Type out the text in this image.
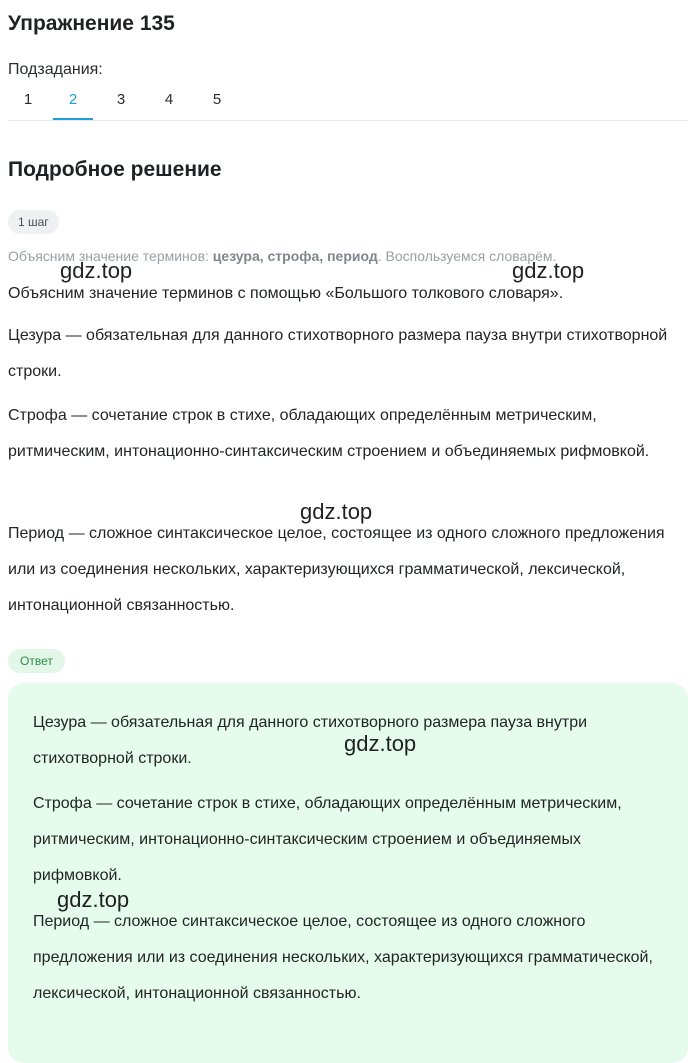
Упражнение 135
Подзадания:
1	2	3	4	5
Подробное решение
1 шаг
Объясним значение терминов: цезура, строфа, период. Воспользуемся словарём.

Объясним значение терминов с помощью «Большого толкового словаря».

Цезура — обязательная для данного стихотворного размера пауза внутри стихотворной строки.

Строфа — сочетание строк в стихе, обладающих определённым метрическим, ритмическим, интонационно-синтаксическим строением и объединяемых рифмовкой.

Период — сложное синтаксическое целое, состоящее из одного сложного предложения или из соединения нескольких, характеризующихся грамматической, лексической, интонационной связанностью.

Ответ

Цезура — обязательная для данного стихотворного размера пауза внутри стихотворной строки.

Строфа — сочетание строк в стихе, обладающих определённым метрическим, ритмическим, интонационно-синтаксическим строением и объединяемых рифмовкой.

Период — сложное синтаксическое целое, состоящее из одного сложного предложения или из соединения нескольких, характеризующихся грамматической, лексической, интонационной связанностью.

gdz.top	gdz.top
gdz.top
gdz.top
gdz.top
